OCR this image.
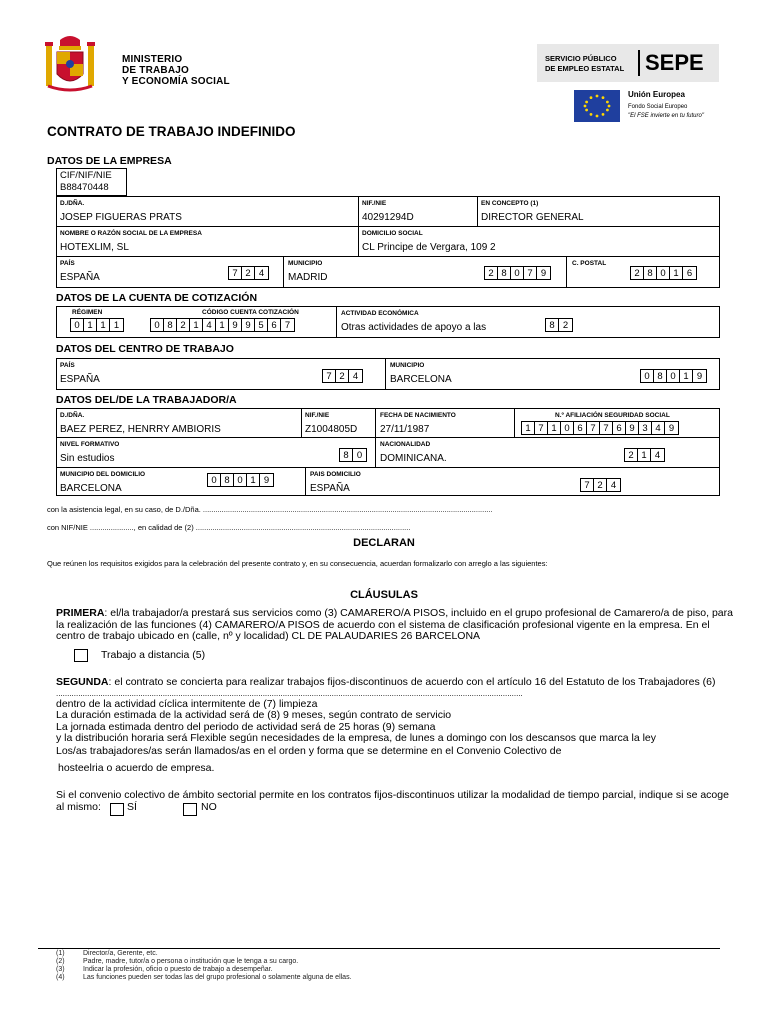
MINISTERIO
DE TRABAJO
Y ECONOMÍA SOCIAL
SERVICIO PÚBLICO
DE EMPLEO ESTATAL SEPE
Unión Europea
Fondo Social Europeo
"El FSE invierte en tu futuro"
CONTRATO DE TRABAJO INDEFINIDO
DATOS DE LA EMPRESA
CIF/NIF/NIE
B88470448
D./DÑA.
JOSEP FIGUERAS PRATS
NIF./NIE
40291294D
EN CONCEPTO (1)
DIRECTOR GENERAL
NOMBRE O RAZÓN SOCIAL DE LA EMPRESA
HOTEXLIM, SL
DOMICILIO SOCIAL
CL Principe de Vergara, 109 2
PAÍS
ESPAÑA	7 2 4
MUNICIPIO
MADRID	2 8 0 7 9
C. POSTAL
2 8 0 1 6
DATOS DE LA CUENTA DE COTIZACIÓN
RÉGIMEN
0 1 1 1
CÓDIGO CUENTA COTIZACIÓN
0 8 2 1 4 1 9 9 5 6 7
ACTIVIDAD ECONÓMICA
Otras actividades de apoyo a las	8 2
DATOS DEL CENTRO DE TRABAJO
PAÍS
ESPAÑA	7 2 4
MUNICIPIO
BARCELONA	0 8 0 1 9
DATOS DEL/DE LA TRABAJADOR/A
D./DÑA.
BAEZ PEREZ, HENRRY AMBIORIS
NIF./NIE
Z1004805D
FECHA DE NACIMIENTO
27/11/1987
N.º AFILIACIÓN SEGURIDAD SOCIAL
1 7 1 0 6 7 7 6 9 3 4 9
NIVEL FORMATIVO
Sin estudios	8 0
NACIONALIDAD
DOMINICANA.	2 1 4
MUNICIPIO DEL DOMICILIO
BARCELONA
0 8 0 1 9
PAIS DOMICILIO
ESPAÑA	7 2 4
con la asistencia legal, en su caso, de D./Dña. ...........................................................................................................................................
con NIF/NIE ....................., en calidad de (2) .......................................................................................................
DECLARAN
Que reúnen los requisitos exigidos para la celebración del presente contrato y, en su consecuencia, acuerdan formalizarlo con arreglo a las siguientes:
CLÁUSULAS
PRIMERA: el/la trabajador/a prestará sus servicios como (3) CAMARERO/A PISOS, incluido en el grupo profesional de Camarero/a de piso, para
la realización de las funciones (4) CAMARERO/A PISOS de acuerdo con el sistema de clasificación profesional vigente en la empresa. En el
centro de trabajo ubicado en (calle, nº y localidad) CL DE PALAUDARIES 26 BARCELONA
Trabajo a distancia (5)
SEGUNDA: el contrato se concierta para realizar trabajos fijos-discontinuos de acuerdo con el artículo 16 del Estatuto de los Trabajadores (6)
..................................................................................................................................................................................................................
dentro de la actividad cíclica intermitente de (7) limpieza
La duración estimada de la actividad será de (8) 9 meses, según contrato de servicio
La jornada estimada dentro del periodo de actividad será de 25 horas (9) semana
y la distribución horaria será Flexible según necesidades de la empresa, de lunes a domingo con los descansos que marca la ley
Los/as trabajadores/as serán llamados/as en el orden y forma que se determine en el Convenio Colectivo de
hosteelria o acuerdo de empresa.
Si el convenio colectivo de ámbito sectorial permite en los contratos fijos-discontinuos utilizar la modalidad de tiempo parcial, indique si se acoge
al mismo: SÍ	NO
(1)	Director/a, Gerente, etc.
(2)	Padre, madre, tutor/a o persona o institución que le tenga a su cargo.
(3)	Indicar la profesión, oficio o puesto de trabajo a desempeñar.
(4)	Las funciones pueden ser todas las del grupo profesional o solamente alguna de ellas.
